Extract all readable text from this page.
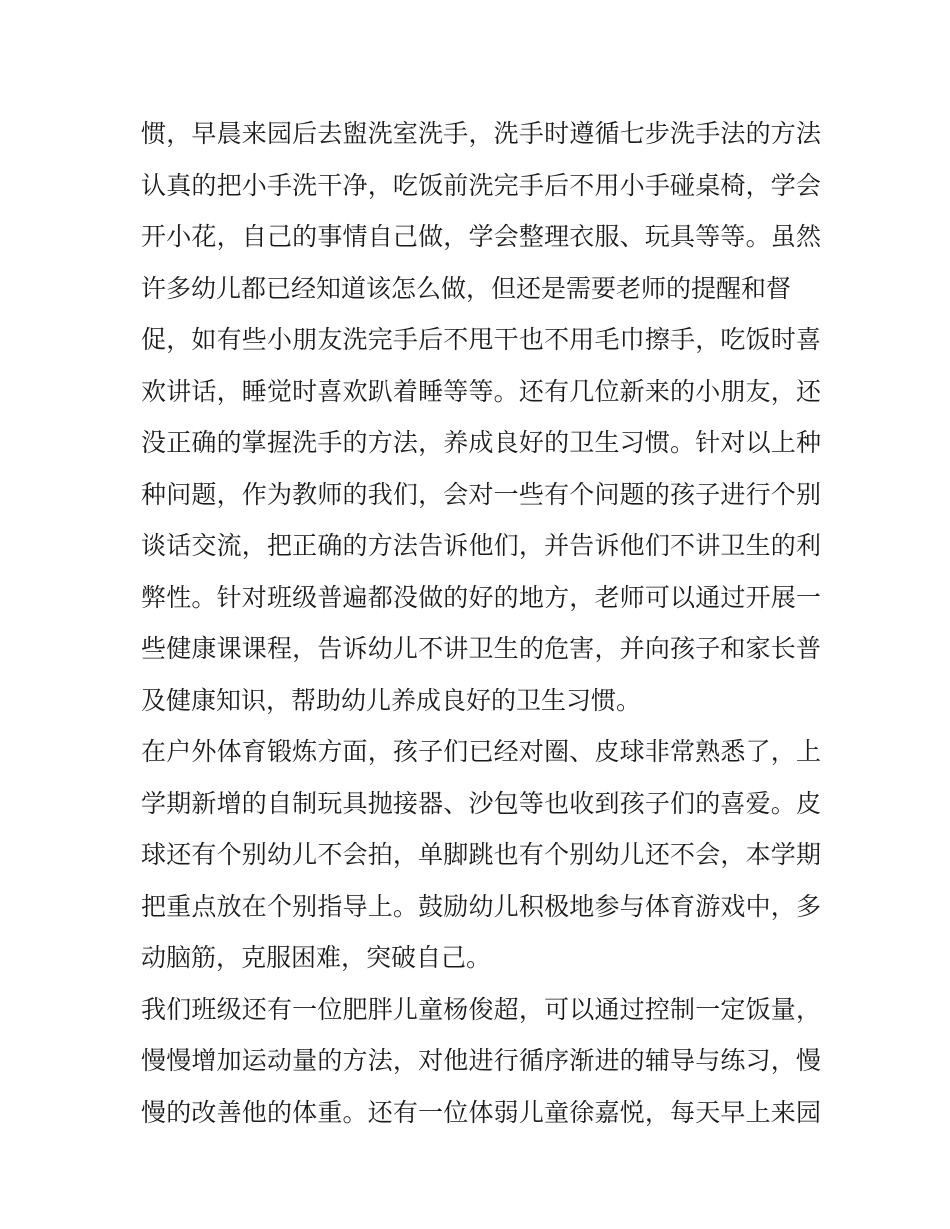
惯，早晨来园后去盥洗室洗手，洗手时遵循七步洗手法的方法
认真的把小手洗干净，吃饭前洗完手后不用小手碰桌椅，学会
开小花，自己的事情自己做，学会整理衣服、玩具等等。虽然
许多幼儿都已经知道该怎么做，但还是需要老师的提醒和督
促，如有些小朋友洗完手后不甩干也不用毛巾擦手，吃饭时喜
欢讲话，睡觉时喜欢趴着睡等等。还有几位新来的小朋友，还
没正确的掌握洗手的方法，养成良好的卫生习惯。针对以上种
种问题，作为教师的我们，会对一些有个问题的孩子进行个别
谈话交流，把正确的方法告诉他们，并告诉他们不讲卫生的利
弊性。针对班级普遍都没做的好的地方，老师可以通过开展一
些健康课课程，告诉幼儿不讲卫生的危害，并向孩子和家长普
及健康知识，帮助幼儿养成良好的卫生习惯。
在户外体育锻炼方面，孩子们已经对圈、皮球非常熟悉了，上
学期新增的自制玩具抛接器、沙包等也收到孩子们的喜爱。皮
球还有个别幼儿不会拍，单脚跳也有个别幼儿还不会，本学期
把重点放在个别指导上。鼓励幼儿积极地参与体育游戏中，多
动脑筋，克服困难，突破自己。
我们班级还有一位肥胖儿童杨俊超，可以通过控制一定饭量，
慢慢增加运动量的方法，对他进行循序渐进的辅导与练习，慢
慢的改善他的体重。还有一位体弱儿童徐嘉悦，每天早上来园
